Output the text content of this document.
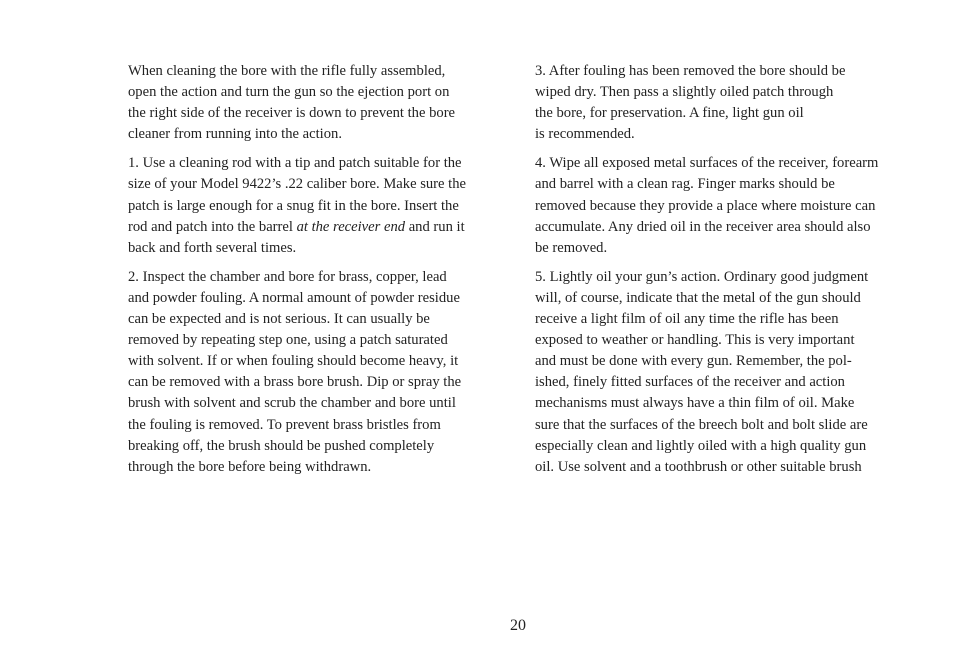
When cleaning the bore with the rifle fully assembled,
open the action and turn the gun so the ejection port on
the right side of the receiver is down to prevent the bore
cleaner from running into the action.

1. Use a cleaning rod with a tip and patch suitable for the
size of your Model 9422’s .22 caliber bore. Make sure the
patch is large enough for a snug fit in the bore. Insert the
rod and patch into the barrel at the receiver end and run it
back and forth several times.

2. Inspect the chamber and bore for brass, copper, lead
and powder fouling. A normal amount of powder residue
can be expected and is not serious. It can usually be
removed by repeating step one, using a patch saturated
with solvent. If or when fouling should become heavy, it
can be removed with a brass bore brush. Dip or spray the
brush with solvent and scrub the chamber and bore until
the fouling is removed. To prevent brass bristles from
breaking off, the brush should be pushed completely
through the bore before being withdrawn.

3. After fouling has been removed the bore should be
wiped dry. Then pass a slightly oiled patch through
the bore, for preservation. A fine, light gun oil
is recommended.

4. Wipe all exposed metal surfaces of the receiver, forearm
and barrel with a clean rag. Finger marks should be
removed because they provide a place where moisture can
accumulate. Any dried oil in the receiver area should also
be removed.

5. Lightly oil your gun’s action. Ordinary good judgment
will, of course, indicate that the metal of the gun should
receive a light film of oil any time the rifle has been
exposed to weather or handling. This is very important
and must be done with every gun. Remember, the pol-
ished, finely fitted surfaces of the receiver and action
mechanisms must always have a thin film of oil. Make
sure that the surfaces of the breech bolt and bolt slide are
especially clean and lightly oiled with a high quality gun
oil. Use solvent and a toothbrush or other suitable brush

20
